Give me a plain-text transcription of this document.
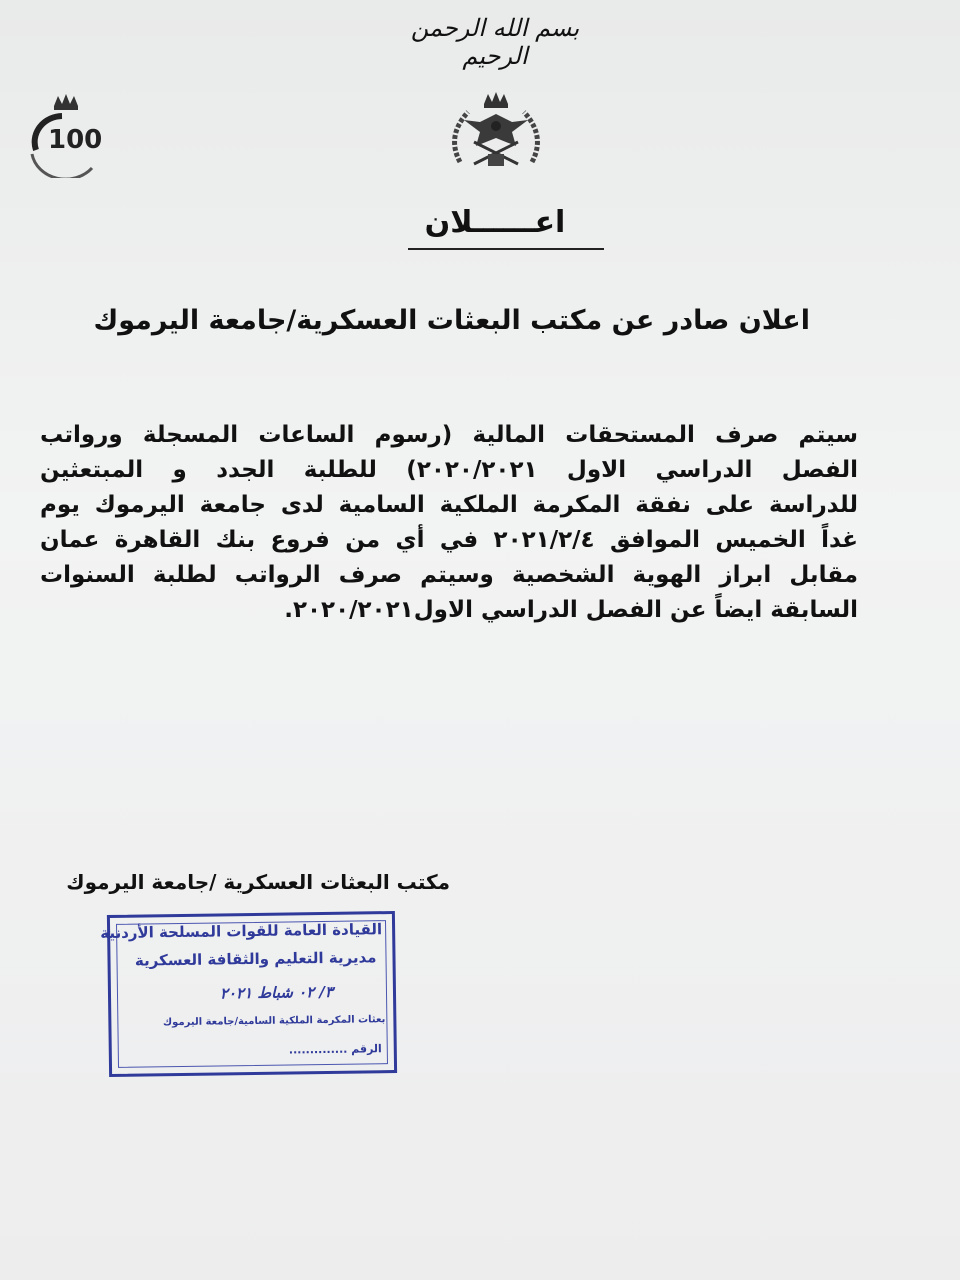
بسم الله الرحمن الرحيم
100
اعــــــلان
اعلان صادر عن مكتب البعثات العسكرية/جامعة اليرموك
سيتم صرف المستحقات المالية (رسوم الساعات المسجلة ورواتب
الفصل الدراسي الاول ٢٠٢٠/٢٠٢١) للطلبة الجدد و المبتعثين
للدراسة على نفقة المكرمة الملكية السامية لدى جامعة اليرموك يوم
غداً الخميس الموافق ٢٠٢١/٢/٤ في أي من فروع بنك القاهرة عمان
مقابل ابراز الهوية الشخصية وسيتم صرف الرواتب لطلبة السنوات
السابقة ايضاً عن الفصل الدراسي الاول٢٠٢٠/٢٠٢١.
مكتب البعثات العسكرية /جامعة اليرموك
القيادة العامة للقوات المسلحة الأردنية
مديرية التعليم والثقافة العسكرية
٣/ ٠٢ شباط ٢٠٢١
بعثات المكرمة الملكية السامية/جامعة اليرموك
الرقم ..............
